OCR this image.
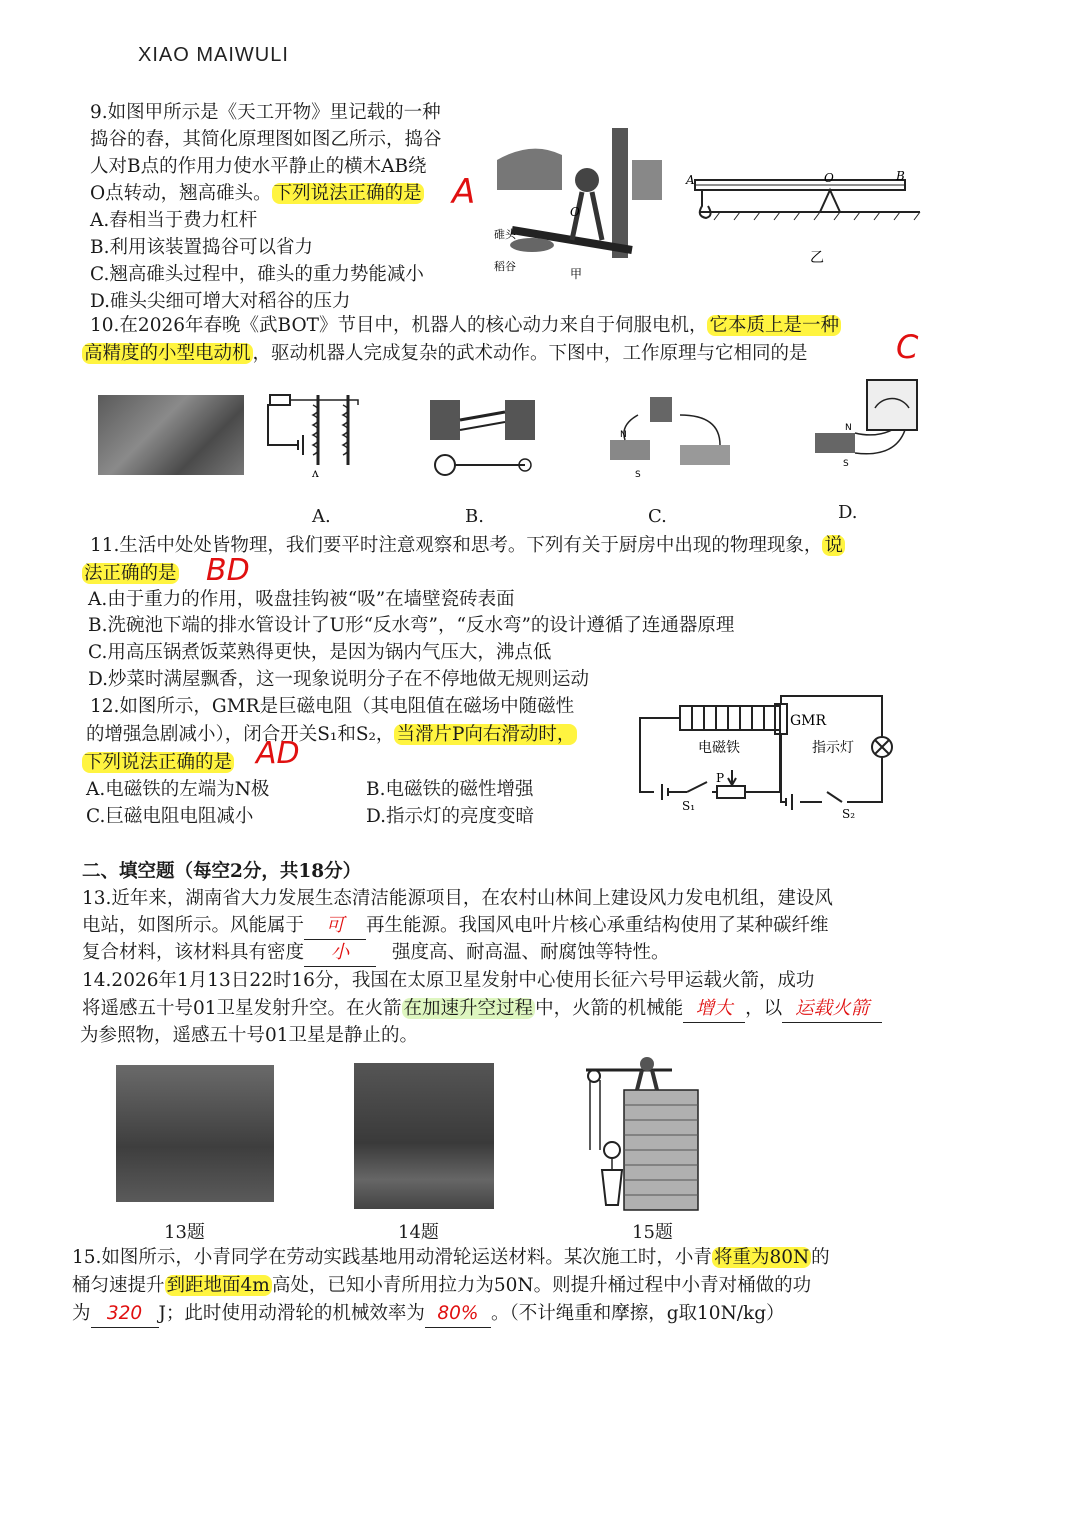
XIAO MAIWULI
9.如图甲所示是《天工开物》里记载的一种
捣谷的舂，其简化原理图如图乙所示，捣谷
人对B点的作用力使水平静止的横木AB绕
O点转动，翘高碓头。 下列说法正确的是 A
A.舂相当于费力杠杆
B.利用该装置捣谷可以省力
C.翘高碓头过程中，碓头的重力势能减小
D.碓头尖细可增大对稻谷的压力
碓头
稻谷
O
甲
A	O	B
乙
10.在2026年春晚《武BOT》节目中，机器人的核心动力来自于伺服电机， 它本质上是一种
高精度的小型电动机 ，驱动机器人完成复杂的武术动作。下图中，工作原理与它相同的是	C
ᴧ
N
S
N
S
A.	B.	C.	D.
11.生活中处处皆物理，我们要平时注意观察和思考。下列有关于厨房中出现的物理现象， 说
法正确的是 BD
A.由于重力的作用，吸盘挂钩被“吸”在墙壁瓷砖表面
B.洗碗池下端的排水管设计了U形“反水弯”，“反水弯”的设计遵循了连通器原理
C.用高压锅煮饭菜熟得更快，是因为锅内气压大，沸点低
D.炒菜时满屋飘香，这一现象说明分子在不停地做无规则运动
12.如图所示，GMR是巨磁电阻（其电阻值在磁场中随磁性
的增强急剧减小），闭合开关S₁和S₂， 当滑片P向右滑动时，
下列说法正确的是 AD
A.电磁铁的左端为N极	B.电磁铁的磁性增强
C.巨磁电阻电阻减小	D.指示灯的亮度变暗
GMR
电磁铁	指示灯
P
S₁
S₂
二、填空题（每空2分，共18分）
13.近年来，湖南省大力发展生态清洁能源项目，在农村山林间上建设风力发电机组，建设风
电站，如图所示。风能属于 可 再生能源。我国风电叶片核心承重结构使用了某种碳纤维
复合材料，该材料具有密度 小 强度高、耐高温、耐腐蚀等特性。
14.2026年1月13日22时16分，我国在太原卫星发射中心使用长征六号甲运载火箭，成功
将遥感五十号01卫星发射升空。在火箭 在加速升空过程 中，火箭的机械能 增大 ，以 运载火箭
为参照物，遥感五十号01卫星是静止的。
13题	14题	15题
15.如图所示，小青同学在劳动实践基地用动滑轮运送材料。某次施工时，小青 将重为80N 的
桶匀速提升 到距地面4m 高处，已知小青所用拉力为50N。则提升桶过程中小青对桶做的功
为 320 J；此时使用动滑轮的机械效率为 80% 。（不计绳重和摩擦，g取10N/kg）
